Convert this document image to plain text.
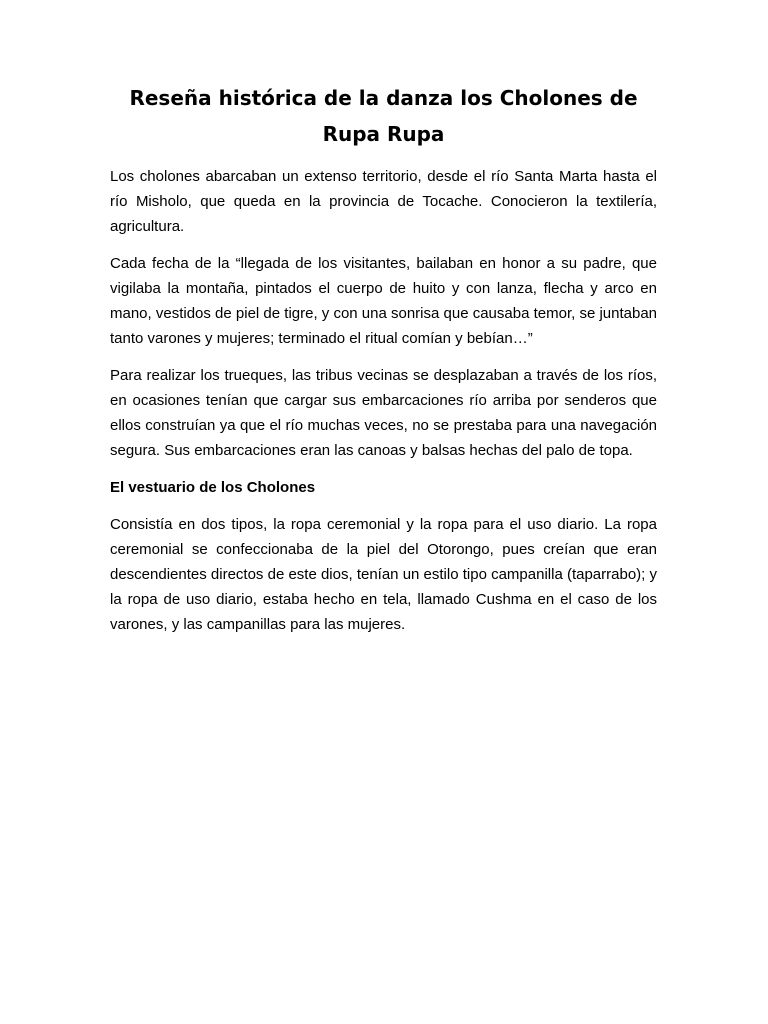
Reseña histórica de la danza los Cholones de Rupa Rupa

Los cholones abarcaban un extenso territorio, desde el río Santa Marta hasta el río Misholo, que queda en la provincia de Tocache. Conocieron la textilería, agricultura.

Cada fecha de la “llegada de los visitantes, bailaban en honor a su padre, que vigilaba la montaña, pintados el cuerpo de huito y con lanza, flecha y arco en mano, vestidos de piel de tigre, y con una sonrisa que causaba temor, se juntaban tanto varones y mujeres; terminado el ritual comían y bebían…”

Para realizar los trueques, las tribus vecinas se desplazaban a través de los ríos, en ocasiones tenían que cargar sus embarcaciones río arriba por senderos que ellos construían ya que el río muchas veces, no se prestaba para una navegación segura. Sus embarcaciones eran las canoas y balsas hechas del palo de topa.

El vestuario de los Cholones

Consistía en dos tipos, la ropa ceremonial y la ropa para el uso diario. La ropa ceremonial se confeccionaba de la piel del Otorongo, pues creían que eran descendientes directos de este dios, tenían un estilo tipo campanilla (taparrabo); y la ropa de uso diario, estaba hecho en tela, llamado Cushma en el caso de los varones, y las campanillas para las mujeres.
